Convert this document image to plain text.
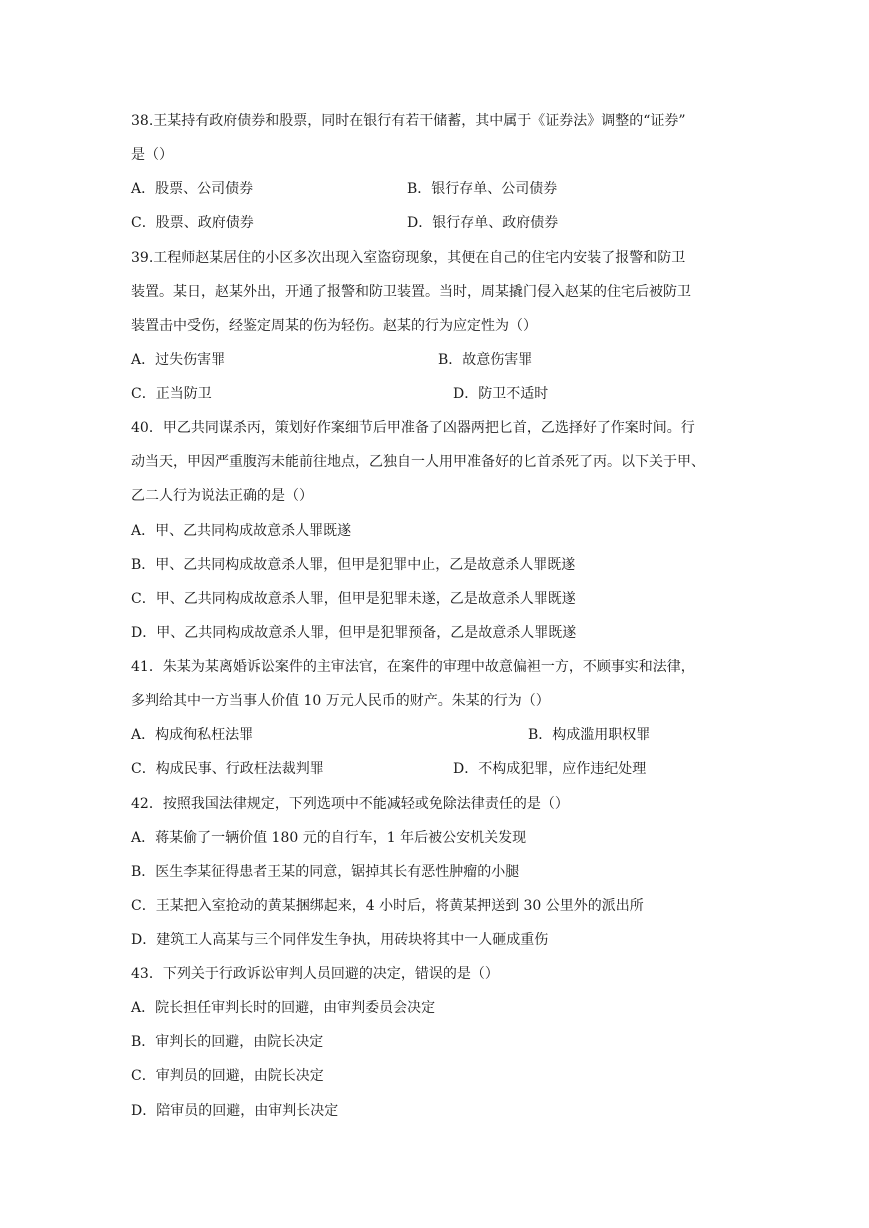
38.王某持有政府债券和股票，同时在银行有若干储蓄，其中属于《证券法》调整的“证券”

是（）

A．股票、公司债券	B．银行存单、公司债券

C．股票、政府债券	D．银行存单、政府债券

39.工程师赵某居住的小区多次出现入室盗窃现象，其便在自己的住宅内安装了报警和防卫

装置。某日，赵某外出，开通了报警和防卫装置。当时，周某撬门侵入赵某的住宅后被防卫

装置击中受伤，经鉴定周某的伤为轻伤。赵某的行为应定性为（）

A．过失伤害罪	B．故意伤害罪

C．正当防卫	D．防卫不适时

40．甲乙共同谋杀丙，策划好作案细节后甲准备了凶器两把匕首，乙选择好了作案时间。行

动当天，甲因严重腹泻未能前往地点，乙独自一人用甲准备好的匕首杀死了丙。以下关于甲、

乙二人行为说法正确的是（）

A．甲、乙共同构成故意杀人罪既遂

B．甲、乙共同构成故意杀人罪，但甲是犯罪中止，乙是故意杀人罪既遂

C．甲、乙共同构成故意杀人罪，但甲是犯罪未遂，乙是故意杀人罪既遂

D．甲、乙共同构成故意杀人罪，但甲是犯罪预备，乙是故意杀人罪既遂

41．朱某为某离婚诉讼案件的主审法官，在案件的审理中故意偏袒一方，不顾事实和法律，

多判给其中一方当事人价值 10 万元人民币的财产。朱某的行为（）

A．构成徇私枉法罪	B．构成滥用职权罪

C．构成民事、行政枉法裁判罪	D．不构成犯罪，应作违纪处理

42．按照我国法律规定，下列选项中不能减轻或免除法律责任的是（）

A．蒋某偷了一辆价值 180 元的自行车，1 年后被公安机关发现

B．医生李某征得患者王某的同意，锯掉其长有恶性肿瘤的小腿

C．王某把入室抢动的黄某捆绑起来，4 小时后，将黄某押送到 30 公里外的派出所

D．建筑工人高某与三个同伴发生争执，用砖块将其中一人砸成重伤

43．下列关于行政诉讼审判人员回避的决定，错误的是（）

A．院长担任审判长时的回避，由审判委员会决定

B．审判长的回避，由院长决定

C．审判员的回避，由院长决定

D．陪审员的回避，由审判长决定
